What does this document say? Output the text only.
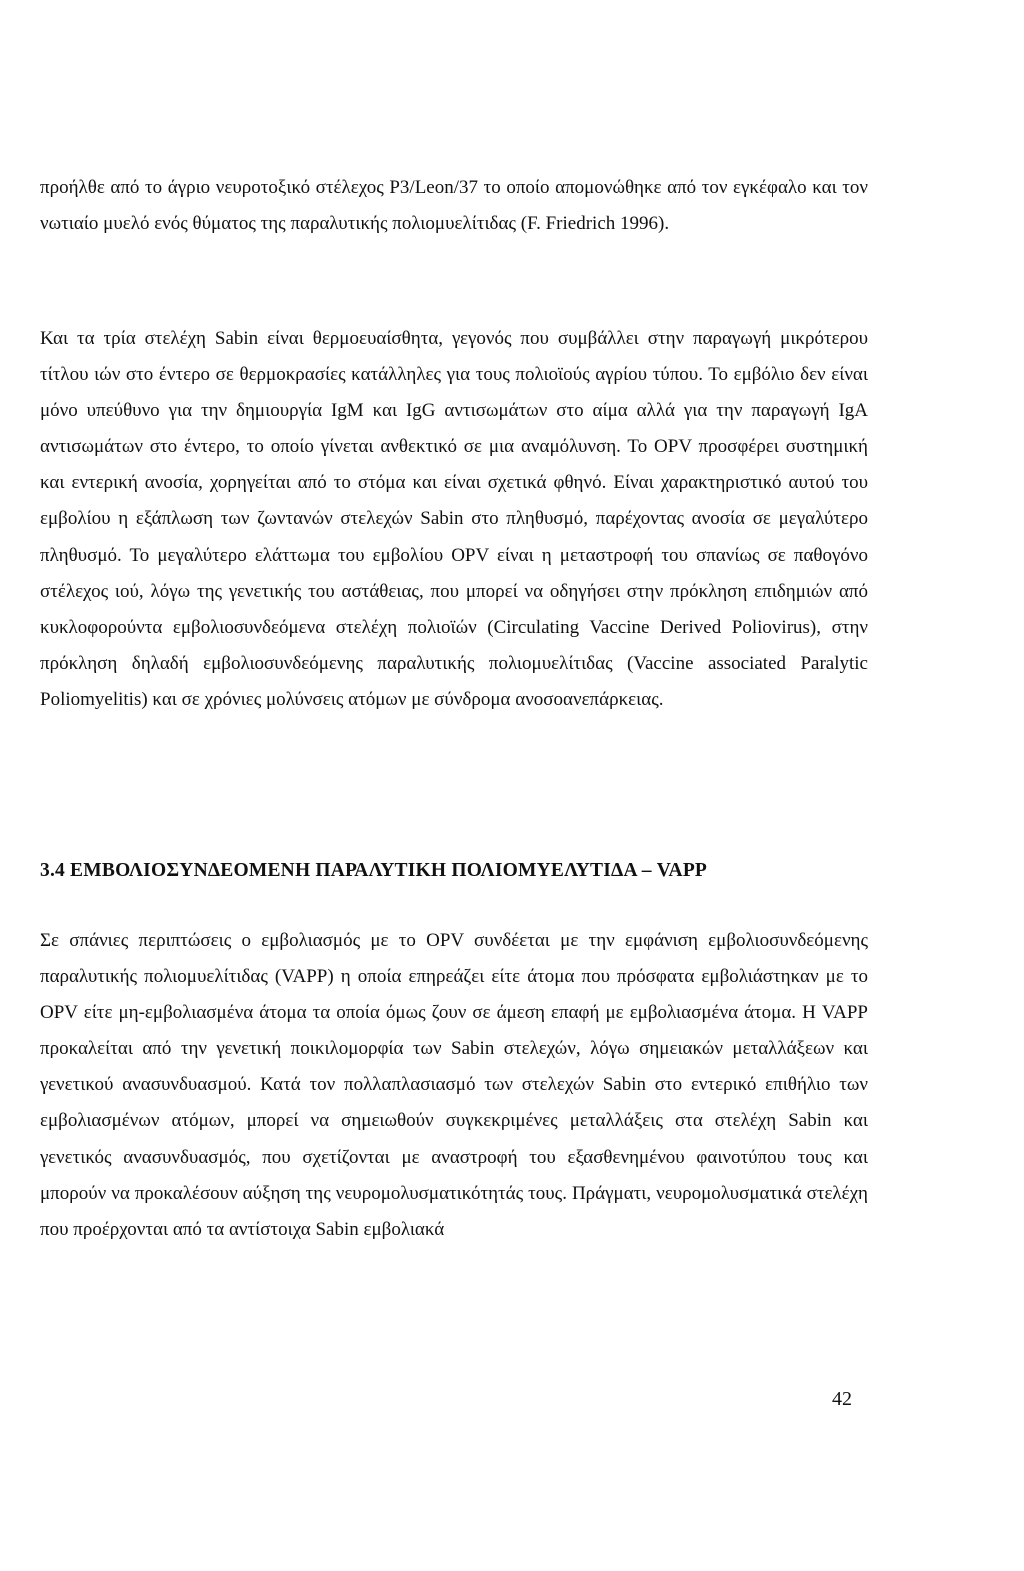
προήλθε από το άγριο νευροτοξικό στέλεχος P3/Leon/37 το οποίο απομονώθηκε από τον εγκέφαλο και τον νωτιαίο μυελό ενός θύματος της παραλυτικής πολιομυελίτιδας (F. Friedrich 1996).

Και τα τρία στελέχη Sabin είναι θερμοευαίσθητα, γεγονός που συμβάλλει στην παραγωγή μικρότερου τίτλου ιών στο έντερο σε θερμοκρασίες κατάλληλες για τους πολιοϊούς αγρίου τύπου. Το εμβόλιο δεν είναι μόνο υπεύθυνο για την δημιουργία IgM και IgG αντισωμάτων στο αίμα αλλά για την παραγωγή IgA αντισωμάτων στο έντερο, το οποίο γίνεται ανθεκτικό σε μια αναμόλυνση. Το OPV προσφέρει συστημική και εντερική ανοσία, χορηγείται από το στόμα και είναι σχετικά φθηνό. Είναι χαρακτηριστικό αυτού του εμβολίου η εξάπλωση των ζωντανών στελεχών Sabin στο πληθυσμό, παρέχοντας ανοσία σε μεγαλύτερο πληθυσμό. Το μεγαλύτερο ελάττωμα του εμβολίου OPV είναι η μεταστροφή του σπανίως σε παθογόνο στέλεχος ιού, λόγω της γενετικής του αστάθειας, που μπορεί να οδηγήσει στην πρόκληση επιδημιών από κυκλοφορούντα εμβολιοσυνδεόμενα στελέχη πολιοϊών (Circulating Vaccine Derived Poliovirus), στην πρόκληση δηλαδή εμβολιοσυνδεόμενης παραλυτικής πολιομυελίτιδας (Vaccine associated Paralytic Poliomyelitis) και σε χρόνιες μολύνσεις ατόμων με σύνδρομα ανοσοανεπάρκειας.

3.4 ΕΜΒΟΛΙΟΣΥΝΔΕΟΜΕΝΗ ΠΑΡΑΛΥΤΙΚΗ ΠΟΛΙΟΜΥΕΛΥΤΙΔΑ – VAPP

Σε σπάνιες περιπτώσεις ο εμβολιασμός με το OPV συνδέεται με την εμφάνιση εμβολιοσυνδεόμενης παραλυτικής πολιομυελίτιδας (VAPP) η οποία επηρεάζει είτε άτομα που πρόσφατα εμβολιάστηκαν με το OPV είτε μη-εμβολιασμένα άτομα τα οποία όμως ζουν σε άμεση επαφή με εμβολιασμένα άτομα. Η VAPP προκαλείται από την γενετική ποικιλομορφία των Sabin στελεχών, λόγω σημειακών μεταλλάξεων και γενετικού ανασυνδυασμού. Κατά τον πολλαπλασιασμό των στελεχών Sabin στο εντερικό επιθήλιο των εμβολιασμένων ατόμων, μπορεί να σημειωθούν συγκεκριμένες μεταλλάξεις στα στελέχη Sabin και γενετικός ανασυνδυασμός, που σχετίζονται με αναστροφή του εξασθενημένου φαινοτύπου τους και μπορούν να προκαλέσουν αύξηση της νευρομολυσματικότητάς τους. Πράγματι, νευρομολυσματικά στελέχη που προέρχονται από τα αντίστοιχα Sabin εμβολιακά

42
